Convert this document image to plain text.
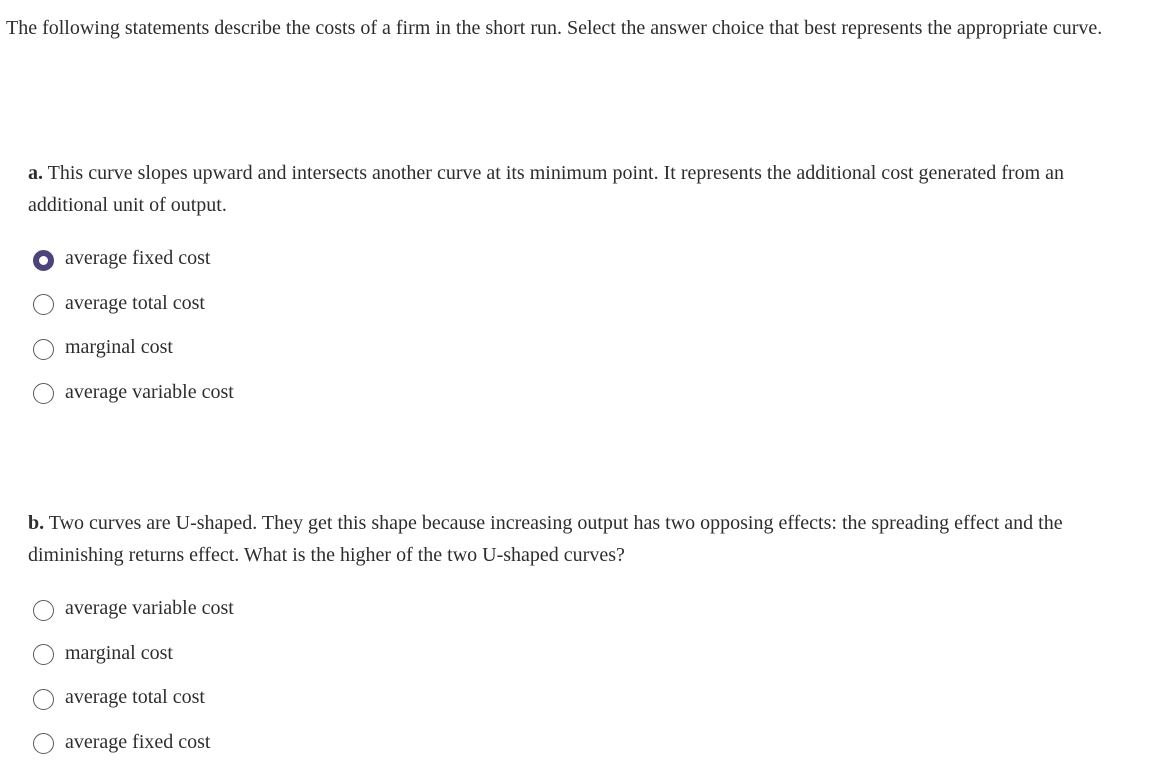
The following statements describe the costs of a firm in the short run. Select the answer choice that best represents the appropriate curve.

a. This curve slopes upward and intersects another curve at its minimum point. It represents the additional cost generated from an additional unit of output.

average fixed cost
average total cost
marginal cost
average variable cost

b. Two curves are U-shaped. They get this shape because increasing output has two opposing effects: the spreading effect and the diminishing returns effect. What is the higher of the two U-shaped curves?

average variable cost
marginal cost
average total cost
average fixed cost
